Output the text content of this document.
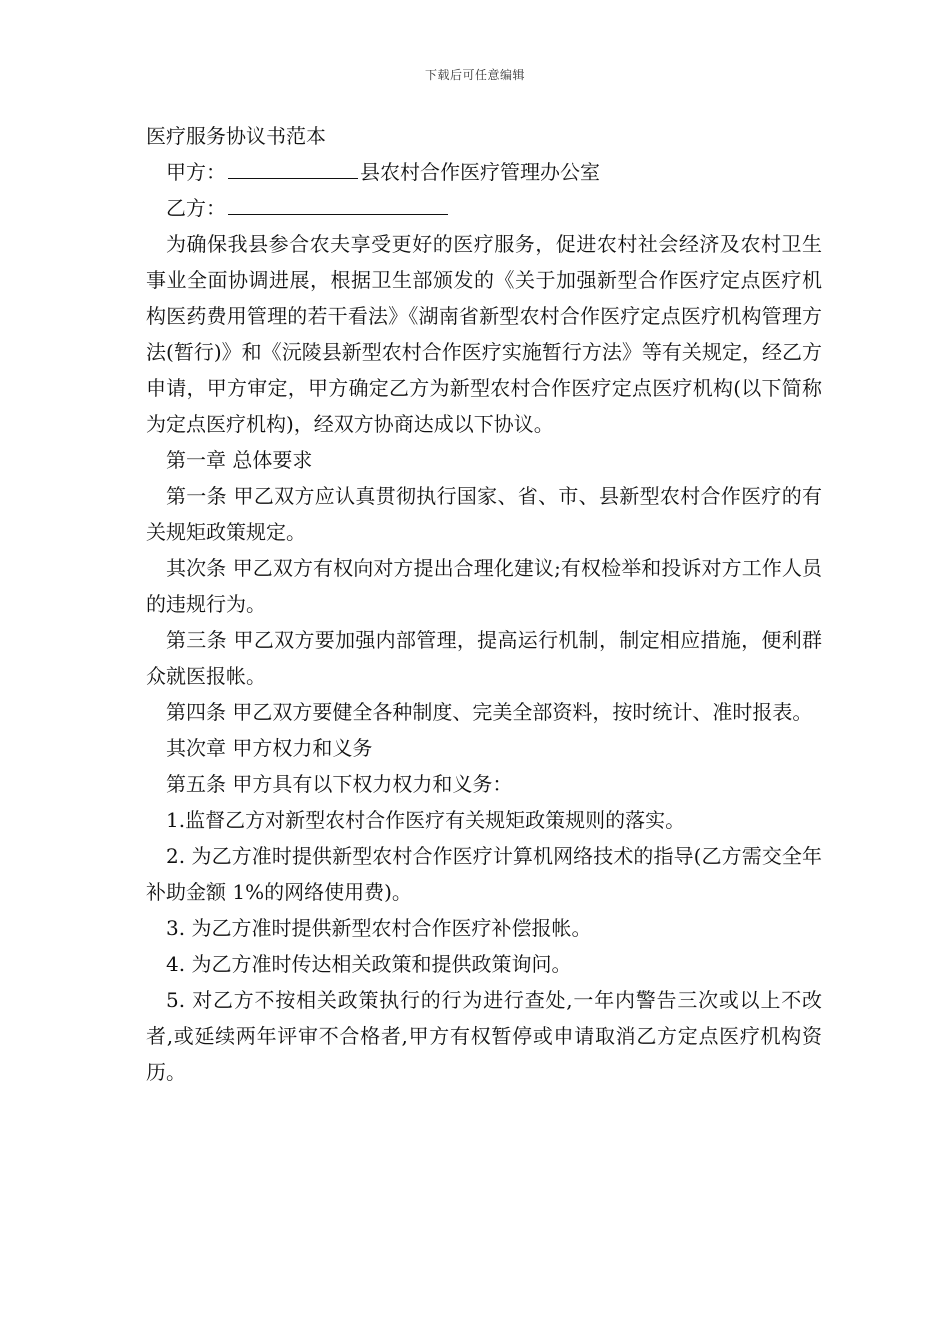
下载后可任意编辑

医疗服务协议书范本

甲方：	县农村合作医疗管理办公室

乙方：

为确保我县参合农夫享受更好的医疗服务，促进农村社会经济及农村卫生事业全面协调进展，根据卫生部颁发的《关于加强新型合作医疗定点医疗机构医药费用管理的若干看法》《湖南省新型农村合作医疗定点医疗机构管理方法(暂行)》和《沅陵县新型农村合作医疗实施暂行方法》等有关规定，经乙方申请，甲方审定，甲方确定乙方为新型农村合作医疗定点医疗机构(以下简称为定点医疗机构)，经双方协商达成以下协议。

第一章 总体要求

第一条 甲乙双方应认真贯彻执行国家、省、市、县新型农村合作医疗的有关规矩政策规定。

其次条 甲乙双方有权向对方提出合理化建议;有权检举和投诉对方工作人员的违规行为。

第三条 甲乙双方要加强内部管理，提高运行机制，制定相应措施，便利群众就医报帐。

第四条 甲乙双方要健全各种制度、完美全部资料，按时统计、准时报表。

其次章 甲方权力和义务

第五条 甲方具有以下权力权力和义务：

1.监督乙方对新型农村合作医疗有关规矩政策规则的落实。

2. 为乙方准时提供新型农村合作医疗计算机网络技术的指导(乙方需交全年补助金额 1%的网络使用费)。

3. 为乙方准时提供新型农村合作医疗补偿报帐。

4. 为乙方准时传达相关政策和提供政策询问。

5. 对乙方不按相关政策执行的行为进行查处,一年内警告三次或以上不改者,或延续两年评审不合格者,甲方有权暂停或申请取消乙方定点医疗机构资历。
